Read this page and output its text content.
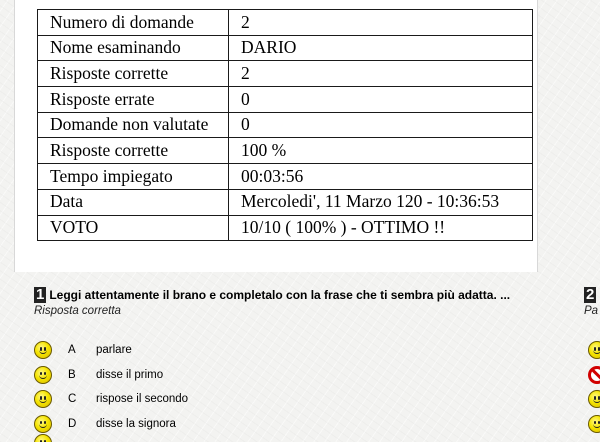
Numero di domande	2
Nome esaminando	DARIO
Risposte corrette	2
Risposte errate	0
Domande non valutate	0
Risposte corrette	100 %
Tempo impiegato	00:03:56
Data	Mercoledi', 11 Marzo 120 - 10:36:53
VOTO	10/10 ( 100% ) - OTTIMO !!
1 Leggi attentamente il brano e completalo con la frase che ti sembra più adatta. ...
Risposta corretta
A	parlare
B	disse il primo
C	rispose il secondo
D	disse la signora
2
Pa
